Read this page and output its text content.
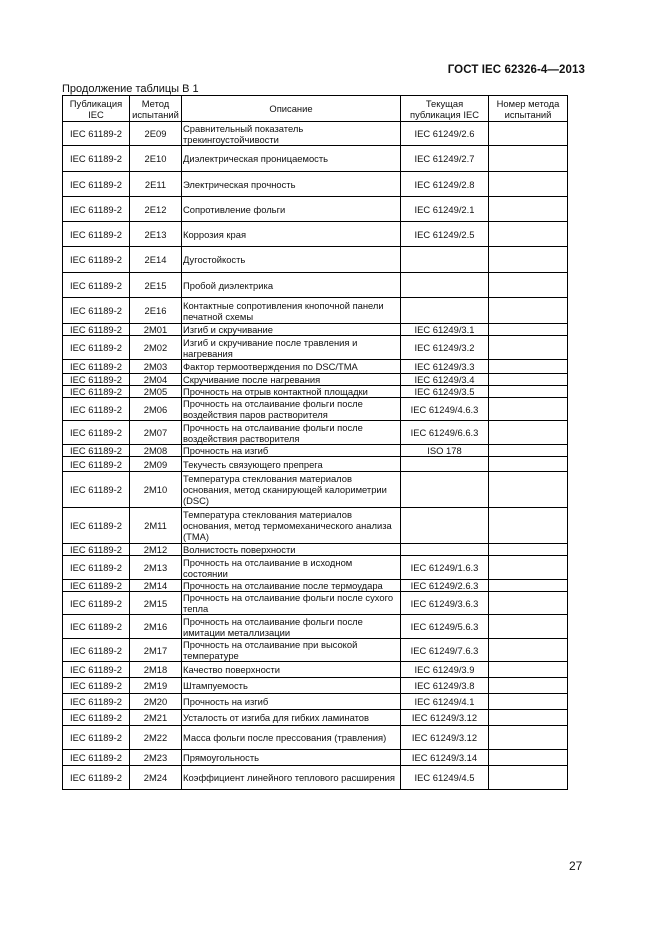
ГОСТ IEC 62326-4—2013
Продолжение таблицы В 1
Публикация IEC	Метод испытаний	Описание	Текущая публикация IEC	Номер метода испытаний
IEC 61189-2	2E09	Сравнительный показатель трекингоустойчивости	IEC 61249/2.6	
IEC 61189-2	2E10	Диэлектрическая проницаемость	IEC 61249/2.7	
IEC 61189-2	2E11	Электрическая прочность	IEC 61249/2.8	
IEC 61189-2	2E12	Сопротивление фольги	IEC 61249/2.1	
IEC 61189-2	2E13	Коррозия края	IEC 61249/2.5	
IEC 61189-2	2E14	Дугостойкость		
IEC 61189-2	2E15	Пробой диэлектрика		
IEC 61189-2	2E16	Контактные сопротивления кнопочной панели печатной схемы		
IEC 61189-2	2M01	Изгиб и скручивание	IEC 61249/3.1	
IEC 61189-2	2M02	Изгиб и скручивание после травления и нагревания	IEC 61249/3.2	
IEC 61189-2	2M03	Фактор термоотверждения по DSC/TMA	IEC 61249/3.3	
IEC 61189-2	2M04	Скручивание после нагревания	IEC 61249/3.4	
IEC 61189-2	2M05	Прочность на отрыв контактной площадки	IEC 61249/3.5	
IEC 61189-2	2M06	Прочность на отслаивание фольги после воздействия паров растворителя	IEC 61249/4.6.3	
IEC 61189-2	2M07	Прочность на отслаивание фольги после воздействия растворителя	IEC 61249/6.6.3	
IEC 61189-2	2M08	Прочность на изгиб	ISO 178	
IEC 61189-2	2M09	Текучесть связующего препрега		
IEC 61189-2	2M10	Температура стеклования материалов основания, метод сканирующей калориметрии (DSC)		
IEC 61189-2	2M11	Температура стеклования материалов основания, метод термомеханического анализа (TMA)		
IEC 61189-2	2M12	Волнистость поверхности		
IEC 61189-2	2M13	Прочность на отслаивание в исходном состоянии	IEC 61249/1.6.3	
IEC 61189-2	2M14	Прочность на отслаивание после термоудара	IEC 61249/2.6.3	
IEC 61189-2	2M15	Прочность на отслаивание фольги после сухого тепла	IEC 61249/3.6.3	
IEC 61189-2	2M16	Прочность на отслаивание фольги после имитации металлизации	IEC 61249/5.6.3	
IEC 61189-2	2M17	Прочность на отслаивание при высокой температуре	IEC 61249/7.6.3	
IEC 61189-2	2M18	Качество поверхности	IEC 61249/3.9	
IEC 61189-2	2M19	Штампуемость	IEC 61249/3.8	
IEC 61189-2	2M20	Прочность на изгиб	IEC 61249/4.1	
IEC 61189-2	2M21	Усталость от изгиба для гибких ламинатов	IEC 61249/3.12	
IEC 61189-2	2M22	Масса фольги после прессования (травления)	IEC 61249/3.12	
IEC 61189-2	2M23	Прямоугольность	IEC 61249/3.14	
IEC 61189-2	2M24	Коэффициент линейного теплового расширения	IEC 61249/4.5	
27
